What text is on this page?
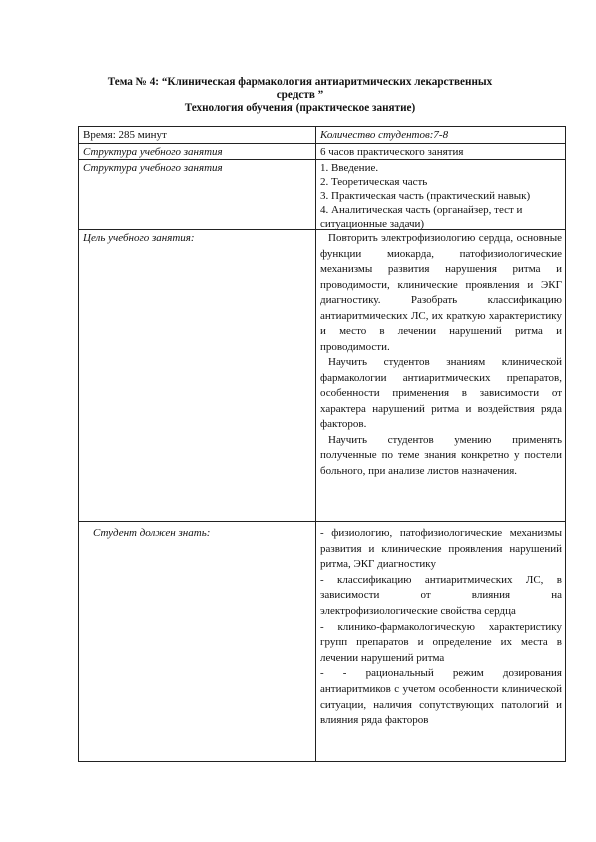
Тема № 4: “Клиническая фармакология антиаритмических лекарственных
средств ”
Технология обучения (практическое занятие)
Время: 285 минут	Количество студентов:7-8
Структура учебного занятия	6 часов практического занятия
Структура учебного занятия	1. Введение.
2. Теоретическая часть
3. Практическая часть (практический навык)
4. Аналитическая часть (органайзер, тест и
ситуационные задачи)
Цель учебного занятия:	Повторить электрофизиологию сердца, основные функции миокарда, патофизиологические механизмы развития нарушения ритма и проводимости, клинические проявления и ЭКГ диагностику. Разобрать классификацию антиаритмических ЛС, их краткую характеристику и место в лечении нарушений ритма и проводимости.

Научить студентов знаниям клинической фармакологии антиаритмических препаратов, особенности применения в зависимости от характера нарушений ритма и воздействия ряда факторов.

Научить студентов умению применять полученные по теме знания конкретно у постели больного, при анализе листов назначения.

Студент должен знать:	- физиологию, патофизиологические механизмы развития и клинические проявления нарушений ритма, ЭКГ диагностику

- классификацию антиаритмических ЛС, в зависимости от влияния на электрофизиологические свойства сердца

- клинико-фармакологическую характеристику групп препаратов и определение их места в лечении нарушений ритма

- - рациональный режим дозирования антиаритмиков с учетом особенности клинической ситуации, наличия сопутствующих патологий и влияния ряда факторов
